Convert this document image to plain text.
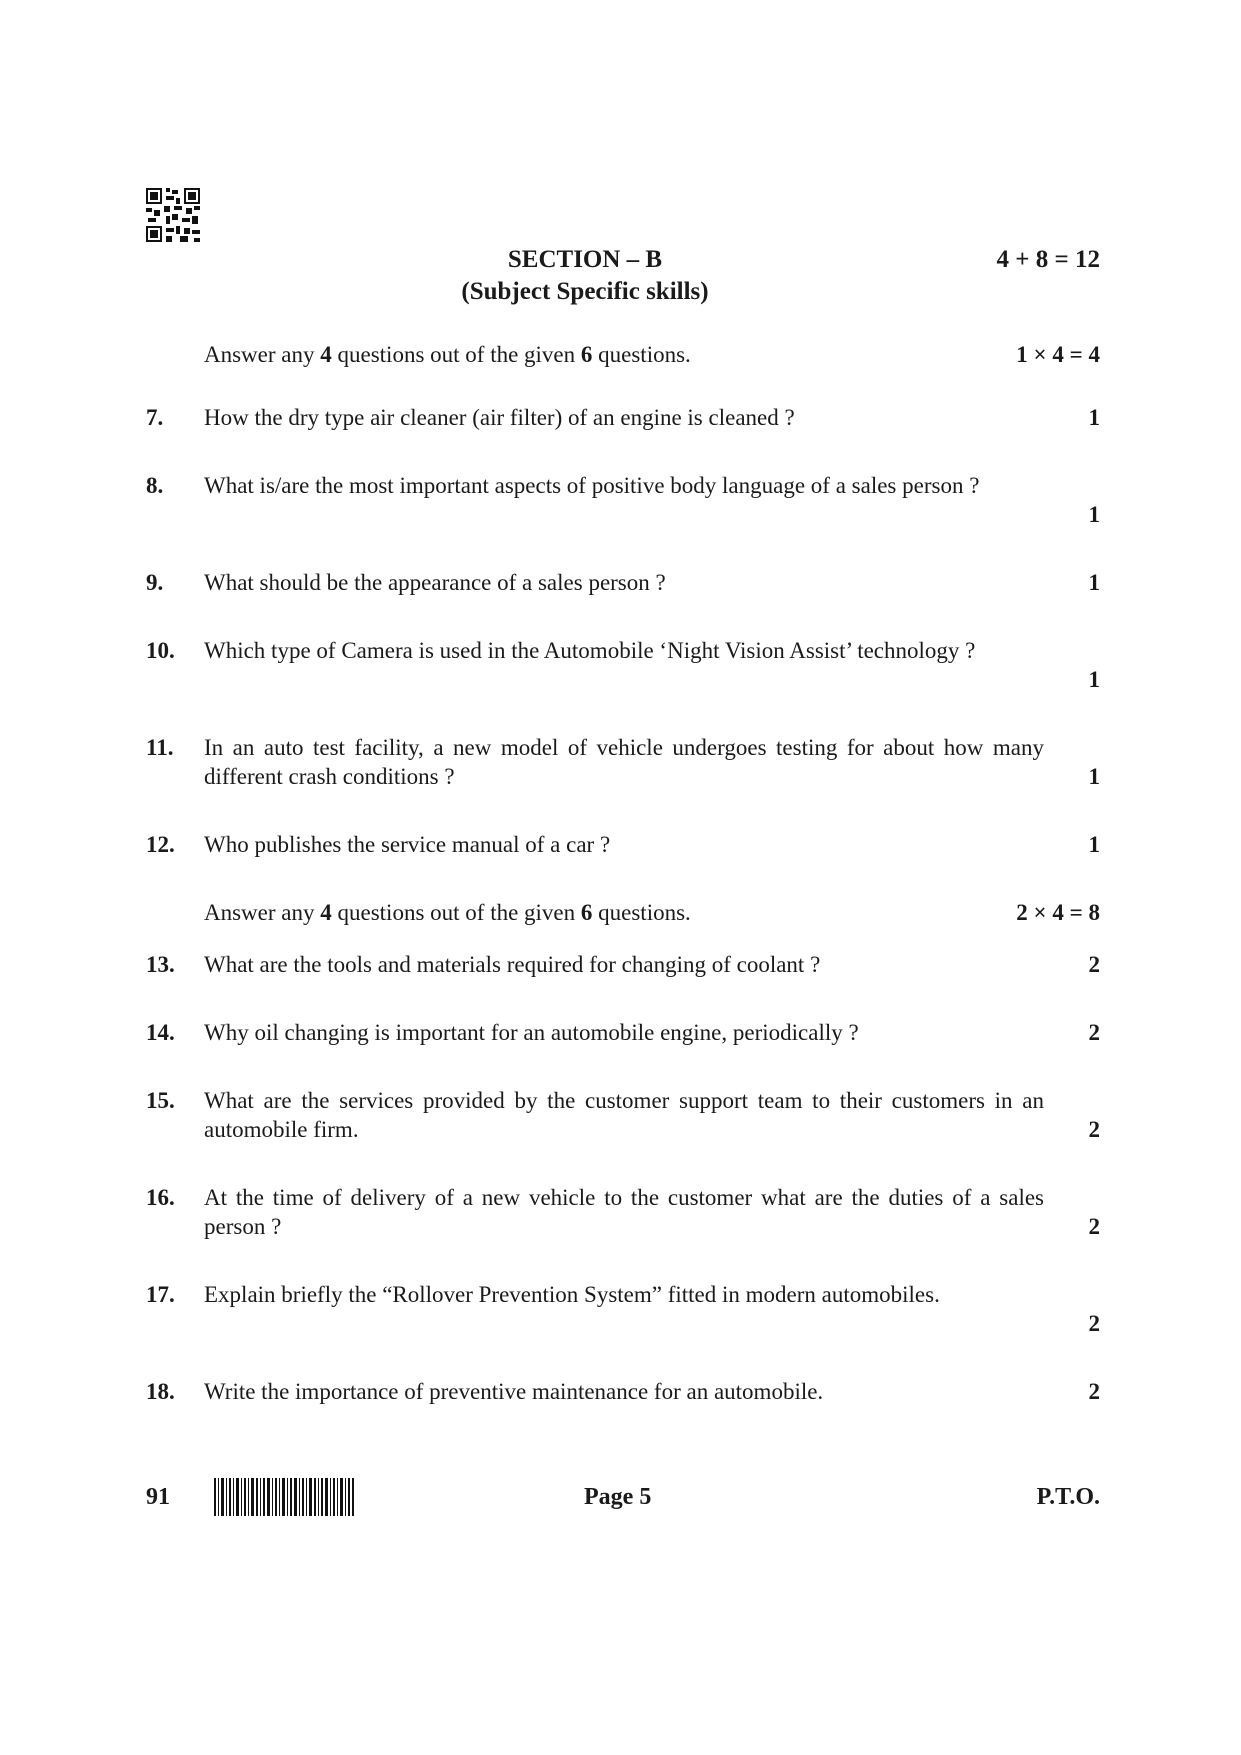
SECTION – B
(Subject Specific skills)
4 + 8 = 12
Answer any 4 questions out of the given 6 questions.	1 × 4 = 4
7. How the dry type air cleaner (air filter) of an engine is cleaned ?	1
8. What is/are the most important aspects of positive body language of a sales person ?
1
9. What should be the appearance of a sales person ?	1
10. Which type of Camera is used in the Automobile ‘Night Vision Assist’ technology ?
1
11. In an auto test facility, a new model of vehicle undergoes testing for about how many different crash conditions ?	1
12. Who publishes the service manual of a car ?	1
Answer any 4 questions out of the given 6 questions.	2 × 4 = 8
13. What are the tools and materials required for changing of coolant ?	2
14. Why oil changing is important for an automobile engine, periodically ?	2
15. What are the services provided by the customer support team to their customers in an automobile firm.	2
16. At the time of delivery of a new vehicle to the customer what are the duties of a sales person ?	2
17. Explain briefly the “Rollover Prevention System” fitted in modern automobiles.
2
18. Write the importance of preventive maintenance for an automobile.	2
91	Page 5	P.T.O.
